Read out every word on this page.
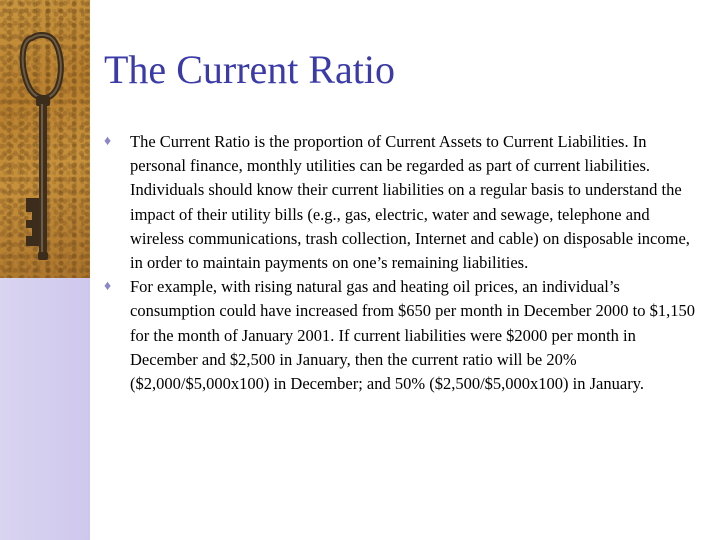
The Current Ratio
♦	The Current Ratio is the proportion of Current Assets to Current Liabilities. In personal finance, monthly utilities can be regarded as part of current liabilities. Individuals should know their current liabilities on a regular basis to understand the impact of their utility bills (e.g., gas, electric, water and sewage, telephone and wireless communications, trash collection, Internet and cable) on disposable income, in order to maintain payments on one’s remaining liabilities.
♦	For example, with rising natural gas and heating oil prices, an individual’s consumption could have increased from $650 per month in December 2000 to $1,150 for the month of January 2001. If current liabilities were $2000 per month in December and $2,500 in January, then the current ratio will be 20% ($2,000/$5,000x100) in December; and 50% ($2,500/$5,000x100) in January.
